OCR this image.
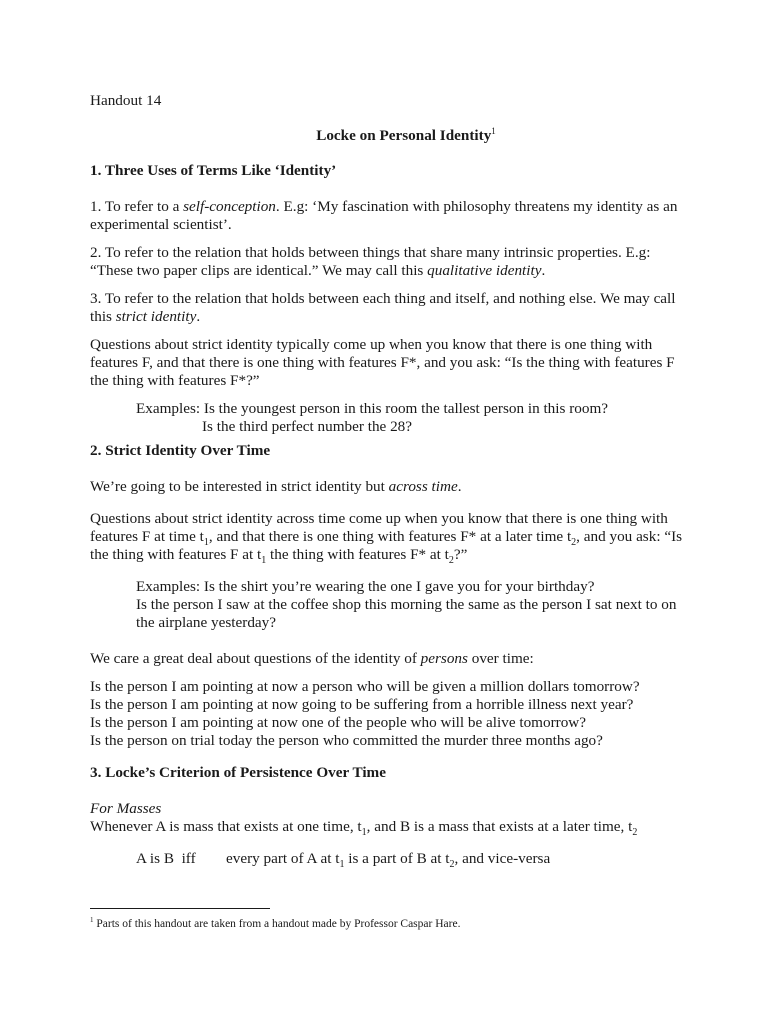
Handout 14

Locke on Personal Identity$^1$

1. Three Uses of Terms Like ‘Identity’

1. To refer to a self-conception. E.g: ‘My fascination with philosophy threatens my identity as an experimental scientist’.

2. To refer to the relation that holds between things that share many intrinsic properties. E.g: “These two paper clips are identical.” We may call this qualitative identity.

3. To refer to the relation that holds between each thing and itself, and nothing else. We may call this strict identity.

Questions about strict identity typically come up when you know that there is one thing with features F, and that there is one thing with features F*, and you ask: “Is the thing with features F the thing with features F*?”

Examples: Is the youngest person in this room the tallest person in this room?

Is the third perfect number the 28?

2. Strict Identity Over Time

We’re going to be interested in strict identity but across time.

Questions about strict identity across time come up when you know that there is one thing with features F at time $t_1$, and that there is one thing with features F* at a later time $t_2$, and you ask: “Is the thing with features F at $t_1$ the thing with features F* at $t_2$?”

Examples: Is the shirt you’re wearing the one I gave you for your birthday?

Is the person I saw at the coffee shop this morning the same as the person I sat next to on the airplane yesterday?

We care a great deal about questions of the identity of persons over time:

Is the person I am pointing at now a person who will be given a million dollars tomorrow?

Is the person I am pointing at now going to be suffering from a horrible illness next year?

Is the person I am pointing at now one of the people who will be alive tomorrow?

Is the person on trial today the person who committed the murder three months ago?

3. Locke’s Criterion of Persistence Over Time

For Masses

Whenever A is mass that exists at one time, $t_1$, and B is a mass that exists at a later time, $t_2$

A is B  iff	every part of A at $t_1$ is a part of B at $t_2$, and vice-versa

$^1$ Parts of this handout are taken from a handout made by Professor Caspar Hare.
